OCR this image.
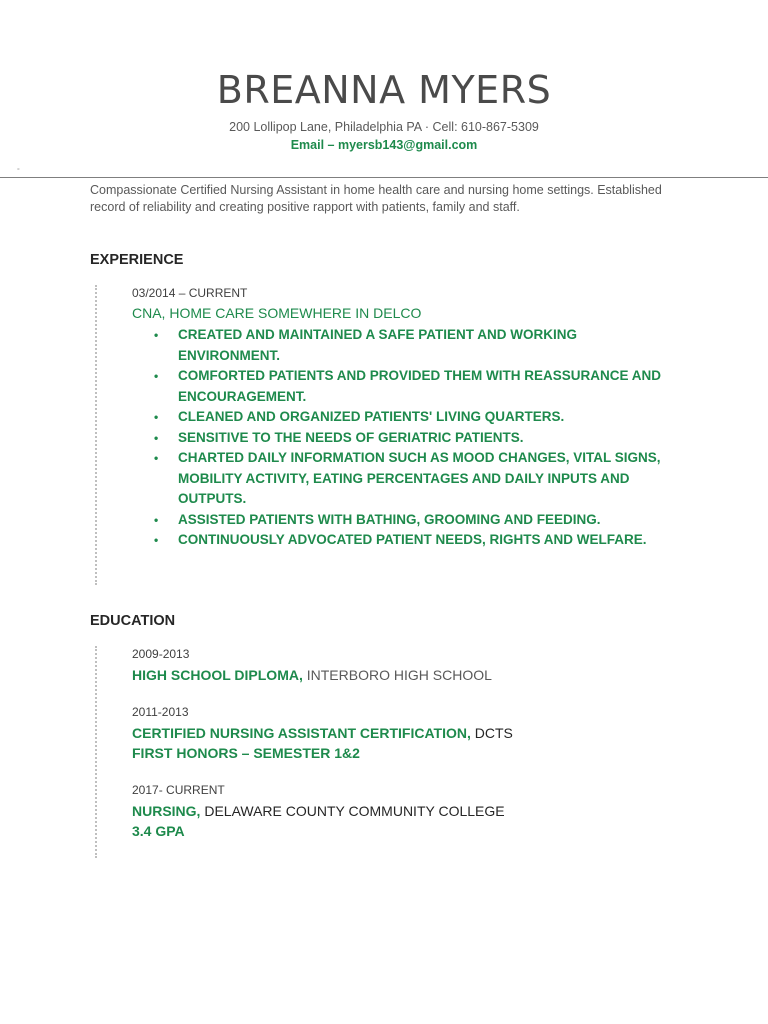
BREANNA MYERS
200 Lollipop Lane, Philadelphia PA · Cell: 610-867-5309
Email – myersb143@gmail.com
°
Compassionate Certified Nursing Assistant in home health care and nursing home settings. Established record of reliability and creating positive rapport with patients, family and staff.
EXPERIENCE
03/2014 – CURRENT
CNA, HOME CARE SOMEWHERE IN DELCO
• CREATED AND MAINTAINED A SAFE PATIENT AND WORKING ENVIRONMENT.
• COMFORTED PATIENTS AND PROVIDED THEM WITH REASSURANCE AND ENCOURAGEMENT.
• CLEANED AND ORGANIZED PATIENTS' LIVING QUARTERS.
• SENSITIVE TO THE NEEDS OF GERIATRIC PATIENTS.
• CHARTED DAILY INFORMATION SUCH AS MOOD CHANGES, VITAL SIGNS, MOBILITY ACTIVITY, EATING PERCENTAGES AND DAILY INPUTS AND OUTPUTS.
• ASSISTED PATIENTS WITH BATHING, GROOMING AND FEEDING.
• CONTINUOUSLY ADVOCATED PATIENT NEEDS, RIGHTS AND WELFARE.
EDUCATION
2009-2013
HIGH SCHOOL DIPLOMA, INTERBORO HIGH SCHOOL
2011-2013
CERTIFIED NURSING ASSISTANT CERTIFICATION, DCTS
FIRST HONORS – SEMESTER 1&2
2017- CURRENT
NURSING, DELAWARE COUNTY COMMUNITY COLLEGE
3.4 GPA
